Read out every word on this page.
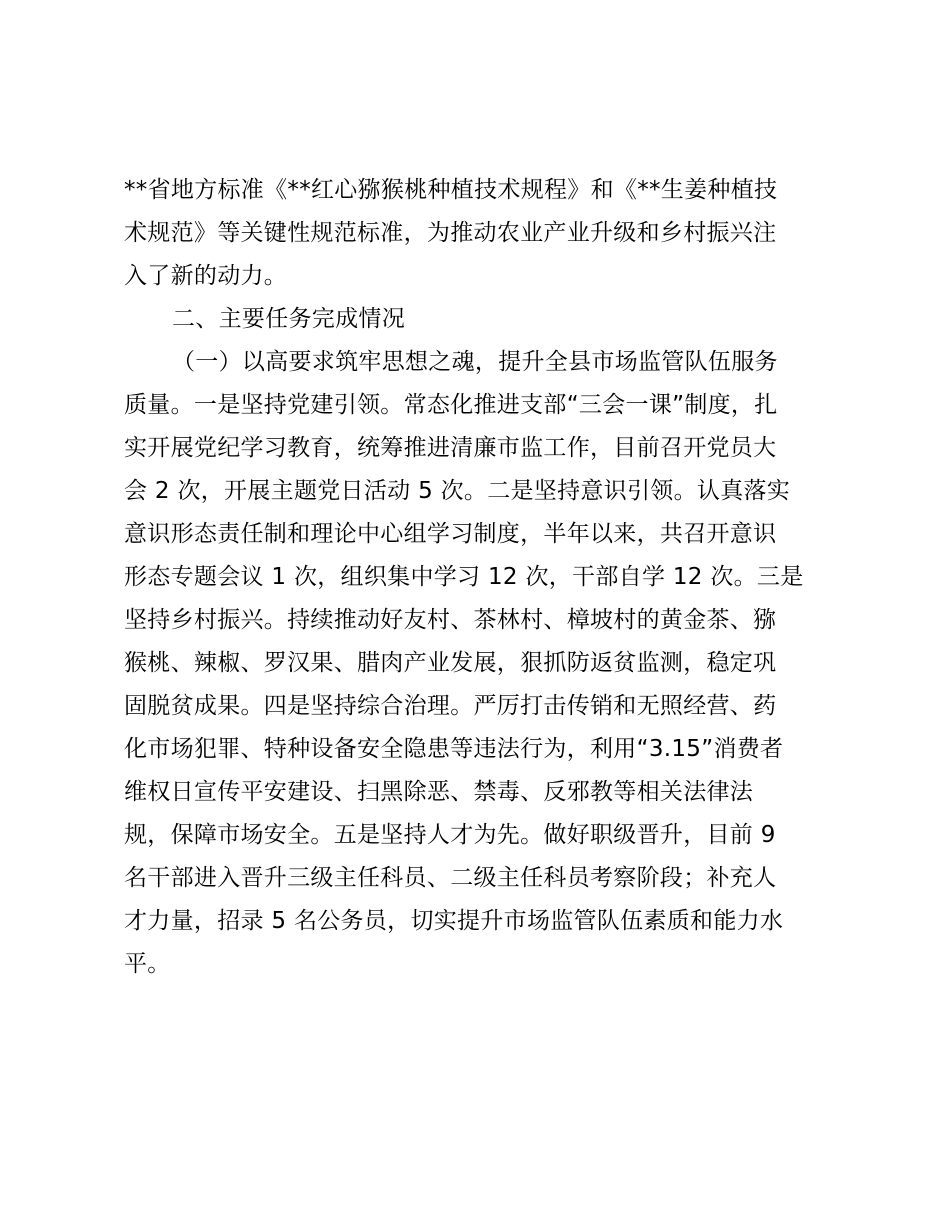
**省地方标准《**红心猕猴桃种植技术规程》和《**生姜种植技
术规范》等关键性规范标准，为推动农业产业升级和乡村振兴注
入了新的动力。
二、主要任务完成情况
（一）以高要求筑牢思想之魂，提升全县市场监管队伍服务
质量。一是坚持党建引领。常态化推进支部“三会一课”制度，扎
实开展党纪学习教育，统筹推进清廉市监工作，目前召开党员大
会 2 次，开展主题党日活动 5 次。二是坚持意识引领。认真落实
意识形态责任制和理论中心组学习制度，半年以来，共召开意识
形态专题会议 1 次，组织集中学习 12 次，干部自学 12 次。三是
坚持乡村振兴。持续推动好友村、茶林村、樟坡村的黄金茶、猕
猴桃、辣椒、罗汉果、腊肉产业发展，狠抓防返贫监测，稳定巩
固脱贫成果。四是坚持综合治理。严厉打击传销和无照经营、药
化市场犯罪、特种设备安全隐患等违法行为，利用“3.15”消费者
维权日宣传平安建设、扫黑除恶、禁毒、反邪教等相关法律法
规，保障市场安全。五是坚持人才为先。做好职级晋升，目前 9
名干部进入晋升三级主任科员、二级主任科员考察阶段；补充人
才力量，招录 5 名公务员，切实提升市场监管队伍素质和能力水
平。
